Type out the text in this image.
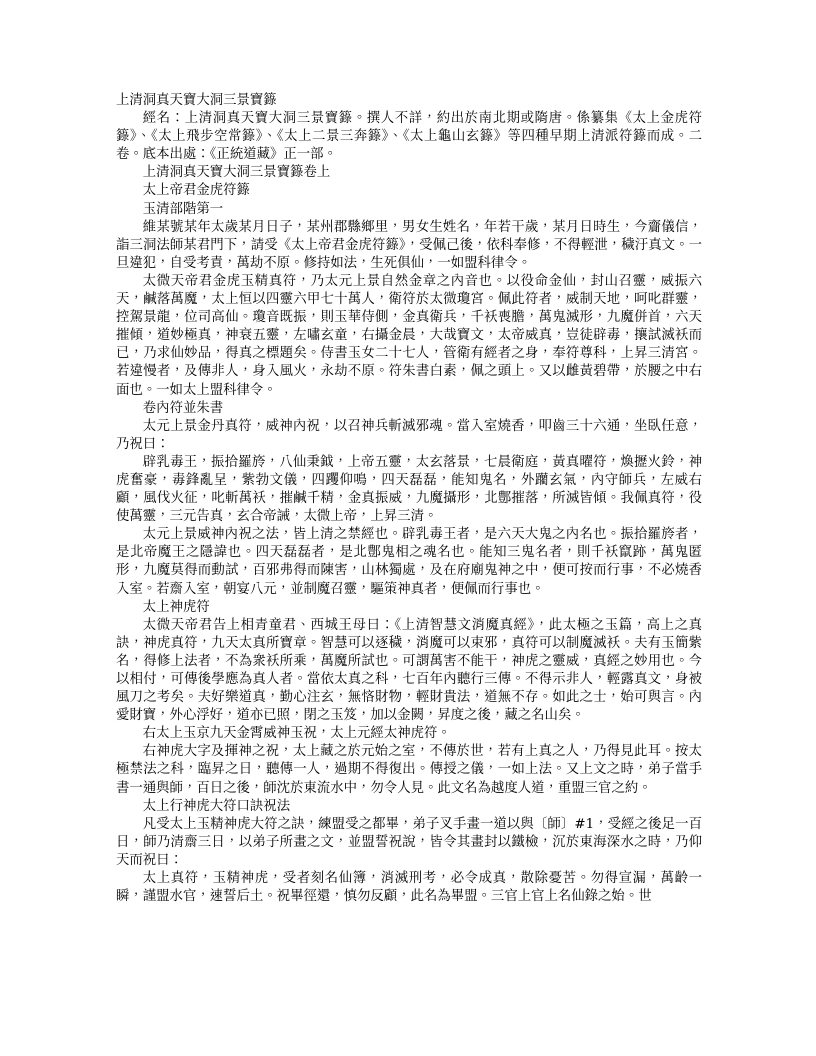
上清洞真天寶大洞三景寶籙

經名：上清洞真天寶大洞三景寶籙。撰人不詳，約出於南北期或隋唐。係纂集《太上金虎符籙》、《太上飛步空常籙》、《太上二景三奔籙》、《太上龜山玄籙》等四種早期上清派符籙而成。二卷。底本出處：《正統道藏》正一部。

上清洞真天寶大洞三景寶籙卷上

太上帝君金虎符籙

玉清部階第一

維某號某年太歲某月日子，某州郡縣鄉里，男女生姓名，年若干歲，某月日時生，今齎儀信，詣三洞法師某君門下，請受《太上帝君金虎符籙》，受佩己後，依科奉修，不得輕泄，穢汙真文。一旦違犯，自受考責，萬劫不原。修持如法，生死俱仙，一如盟科律令。

太微天帝君金虎玉精真符，乃太元上景自然金章之內音也。以役命金仙，封山召靈，威振六天，鹹落萬魔，太上恒以四靈六甲七十萬人，衛符於太微瓊宮。佩此符者，威制天地，呵叱群靈，控駕景龍，位司高仙。瓊音既振，則玉華侍側，金真衛兵，千袄喪膽，萬鬼滅形，九魔併首，六天摧傾，道妙極真，神衰五靈，左嘯玄童，右攝金晨，大哉寶文，太帝威真，豈徒辟毒，攘試滅袄而已，乃求仙妙品，得真之標題矣。侍書玉女二十七人，管衛有經者之身，奉符尊科，上昇三清宮。若違慢者，及傳非人，身入風火，永劫不原。符朱書白素，佩之頭上。又以雌黃碧帶，於腰之中右面也。一如太上盟科律令。

卷內符並朱書

太元上景金丹真符，威神內祝，以召神兵斬滅邪魂。當入室燒香，叩齒三十六通，坐臥任意，乃祝曰：

辟乳毒王，振拾羅旍，八仙秉鉞，上帝五靈，太玄落景，七晨衛庭，黃真曜符，煥攊火鈴，神虎奮豪，毒鋒亂呈，紫勃文儀，四躩仰鳴，四天磊磊，能知鬼名，外躪玄氣，內守師兵，左威右顧，風伐火征，叱斬萬袄，摧鹹千精，金真振威，九魔攝形，北鄷摧落，所滅皆傾。我佩真符，役使萬靈，三元告真，玄合帝誡，太微上帝，上昇三清。

太元上景威神內祝之法，皆上清之禁經也。辟乳毒王者，是六天大鬼之內名也。振拾羅旍者，是北帝魔王之隱諱也。四天磊磊者，是北鄷鬼相之魂名也。能知三鬼名者，則千袄竄跡，萬鬼匿形，九魔莫得而動試，百邪弗得而陳害，山林獨處，及在府廟鬼神之中，便可按而行事，不必燒香入室。若齋入室，朝宴八元，並制魔召靈，驅策神真者，便佩而行事也。

太上神虎符

太微天帝君告上相青童君、西城王母曰：《上清智慧文消魔真經》，此太極之玉篇，高上之真訣，神虎真符，九天太真所寶章。智慧可以逐穢，消魔可以束邪，真符可以制魔滅袄。夫有玉簡紫名，得修上法者，不為衆袄所乘，萬魔所試也。可謂萬害不能干，神虎之靈威，真經之妙用也。今以相付，可傳後學應為真人者。當依太真之科，七百年內聽行三傳。不得示非人，輕露真文，身被風刀之考矣。夫好樂道真，勤心注玄，無悋財物，輕財貴法，道無不存。如此之士，始可與言。內愛財寶，外心浮好，道亦已照，閉之玉笈，加以金闕，昇度之後，藏之名山矣。

右太上玉京九天金霄威神玉祝，太上元經太神虎符。

右神虎大字及揮神之祝，太上藏之於元始之室，不傳於世，若有上真之人，乃得見此耳。按太極禁法之科，臨昇之日，聽傳一人，過期不得復出。傳授之儀，一如上法。又上文之時，弟子當手書一通與師，百日之後，師沈於東流水中，勿令人見。此文名為越度人道，重盟三官之約。

太上行神虎大符口訣祝法

凡受太上玉精神虎大符之訣，練盟受之都畢，弟子叉手畫一道以與〔師〕#1，受經之後足一百日，師乃清齋三日，以弟子所畫之文，並盟誓祝說，皆令其畫封以鐵檢，沉於東海深水之時，乃仰天而祝曰：

太上真符，玉精神虎，受者刻名仙簿，消滅刑考，必令成真，散除憂苦。勿得宣漏，萬齡一瞬，謹盟水官，速誓后土。祝畢徑還，慎勿反顧，此名為畢盟。三官上官上名仙錄之始。世
